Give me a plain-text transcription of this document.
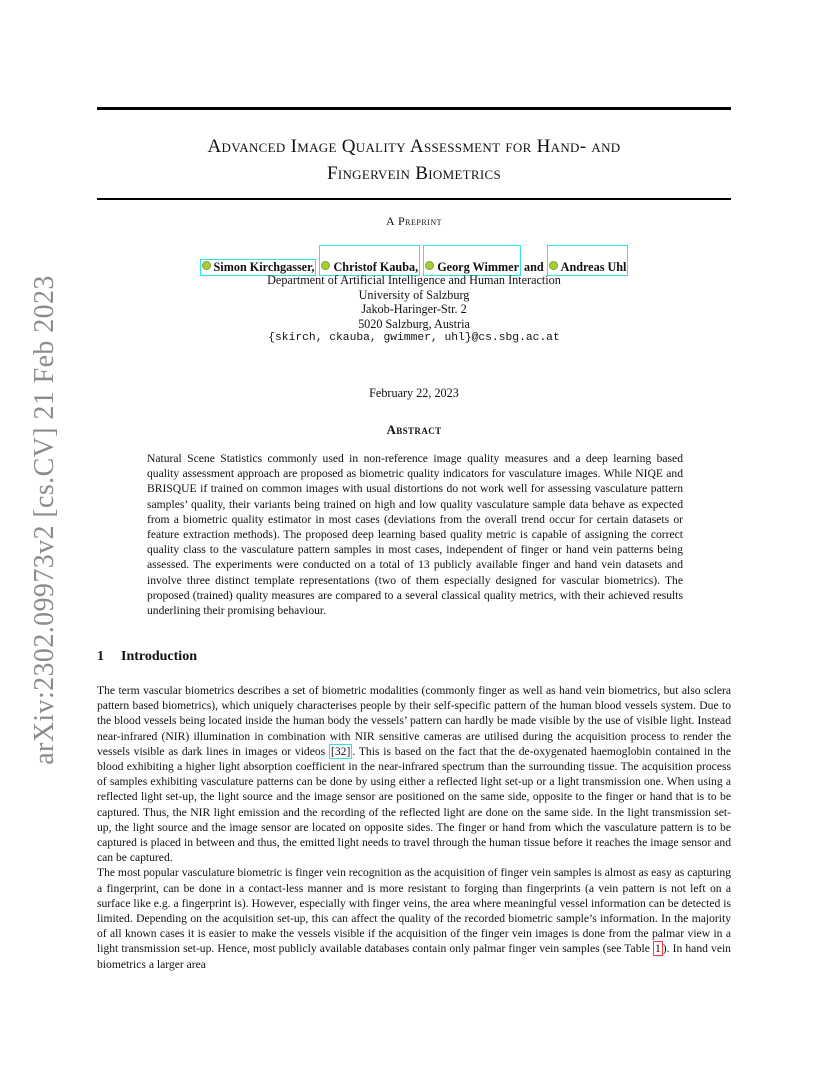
arXiv:2302.09973v2 [cs.CV] 21 Feb 2023
Advanced Image Quality Assessment for Hand- and
Fingervein Biometrics
A Preprint
Simon Kirchgasser, Christof Kauba, Georg Wimmer and Andreas Uhl
Department of Artificial Intelligence and Human Interaction
University of Salzburg
Jakob-Haringer-Str. 2
5020 Salzburg, Austria
{skirch, ckauba, gwimmer, uhl}@cs.sbg.ac.at
February 22, 2023
Abstract
Natural Scene Statistics commonly used in non-reference image quality measures and a deep learning based quality assessment approach are proposed as biometric quality indicators for vasculature images. While NIQE and BRISQUE if trained on common images with usual distortions do not work well for assessing vasculature pattern samples’ quality, their variants being trained on high and low quality vasculature sample data behave as expected from a biometric quality estimator in most cases (deviations from the overall trend occur for certain datasets or feature extraction methods). The proposed deep learning based quality metric is capable of assigning the correct quality class to the vasculature pattern samples in most cases, independent of finger or hand vein patterns being assessed. The experiments were conducted on a total of 13 publicly available finger and hand vein datasets and involve three distinct template representations (two of them especially designed for vascular biometrics). The proposed (trained) quality measures are compared to a several classical quality metrics, with their achieved results underlining their promising behaviour.
1 Introduction

The term vascular biometrics describes a set of biometric modalities (commonly finger as well as hand vein biometrics, but also sclera pattern based biometrics), which uniquely characterises people by their self-specific pattern of the human blood vessels system. Due to the blood vessels being located inside the human body the vessels’ pattern can hardly be made visible by the use of visible light. Instead near-infrared (NIR) illumination in combination with NIR sensitive cameras are utilised during the acquisition process to render the vessels visible as dark lines in images or videos [32] . This is based on the fact that the de-oxygenated haemoglobin contained in the blood exhibiting a higher light absorption coefficient in the near-infrared spectrum than the surrounding tissue. The acquisition process of samples exhibiting vasculature patterns can be done by using either a reflected light set-up or a light transmission one. When using a reflected light set-up, the light source and the image sensor are positioned on the same side, opposite to the finger or hand that is to be captured. Thus, the NIR light emission and the recording of the reflected light are done on the same side. In the light transmission set-up, the light source and the image sensor are located on opposite sides. The finger or hand from which the vasculature pattern is to be captured is placed in between and thus, the emitted light needs to travel through the human tissue before it reaches the image sensor and can be captured.

The most popular vasculature biometric is finger vein recognition as the acquisition of finger vein samples is almost as easy as capturing a fingerprint, can be done in a contact-less manner and is more resistant to forging than fingerprints (a vein pattern is not left on a surface like e.g. a fingerprint is). However, especially with finger veins, the area where meaningful vessel information can be detected is limited. Depending on the acquisition set-up, this can affect the quality of the recorded biometric sample’s information. In the majority of all known cases it is easier to make the vessels visible if the acquisition of the finger vein images is done from the palmar view in a light transmission set-up. Hence, most publicly available databases contain only palmar finger vein samples (see Table 1 ). In hand vein biometrics a larger area
